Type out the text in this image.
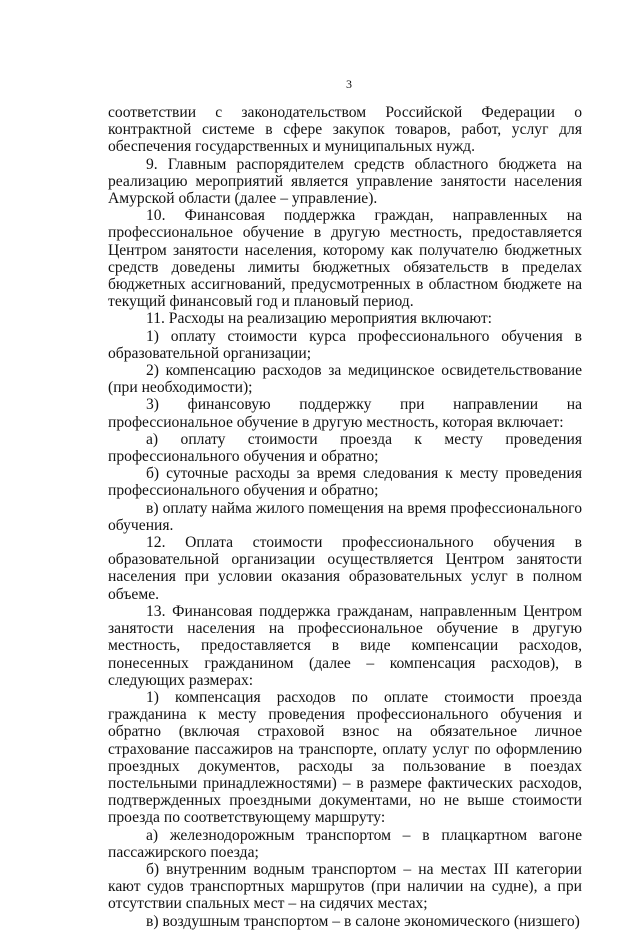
3

соответствии с законодательством Российской Федерации о контрактной системе в сфере закупок товаров, работ, услуг для обеспечения государственных и муниципальных нужд.

9. Главным распорядителем средств областного бюджета на реализацию мероприятий является управление занятости населения Амурской области (далее – управление).

10. Финансовая поддержка граждан, направленных на профессиональное обучение в другую местность, предоставляется Центром занятости населения, которому как получателю бюджетных средств доведены лимиты бюджетных обязательств в пределах бюджетных ассигнований, предусмотренных в областном бюджете на текущий финансовый год и плановый период.

11. Расходы на реализацию мероприятия включают:

1) оплату стоимости курса профессионального обучения в образовательной организации;

2) компенсацию расходов за медицинское освидетельствование (при необходимости);

3) финансовую поддержку при направлении на профессиональное обучение в другую местность, которая включает:

а) оплату стоимости проезда к месту проведения профессионального обучения и обратно;

б) суточные расходы за время следования к месту проведения профессионального обучения и обратно;

в) оплату найма жилого помещения на время профессионального обучения.

12. Оплата стоимости профессионального обучения в образовательной организации осуществляется Центром занятости населения при условии оказания образовательных услуг в полном объеме.

13. Финансовая поддержка гражданам, направленным Центром занятости населения на профессиональное обучение в другую местность, предоставляется в виде компенсации расходов, понесенных гражданином (далее – компенсация расходов), в следующих размерах:

1) компенсация расходов по оплате стоимости проезда гражданина к месту проведения профессионального обучения и обратно (включая страховой взнос на обязательное личное страхование пассажиров на транспорте, оплату услуг по оформлению проездных документов, расходы за пользование в поездах постельными принадлежностями) – в размере фактических расходов, подтвержденных проездными документами, но не выше стоимости проезда по соответствующему маршруту:

а) железнодорожным транспортом – в плацкартном вагоне пассажирского поезда;

б) внутренним водным транспортом – на местах III категории кают судов транспортных маршрутов (при наличии на судне), а при отсутствии спальных мест – на сидячих местах;

в) воздушным транспортом – в салоне экономического (низшего)
